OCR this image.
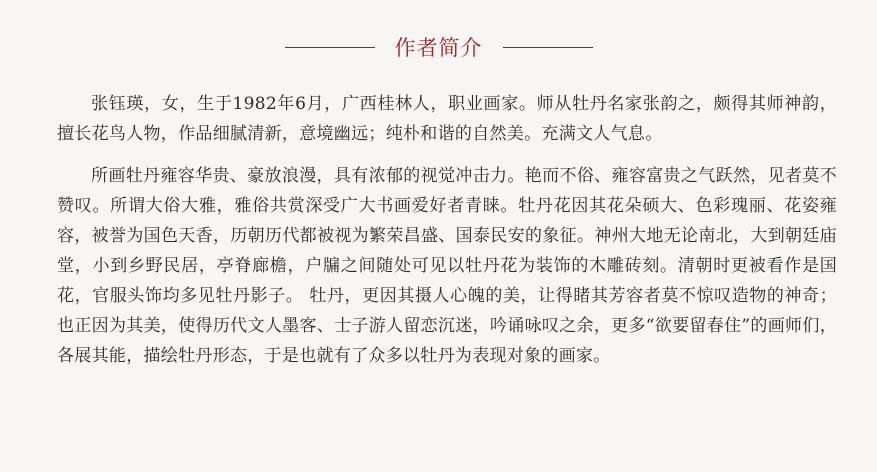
作者简介

张钰瑛，女，生于1982年6月，广西桂林人，职业画家。师从牡丹名家张韵之，颇得其师神韵，擅长花鸟人物，作品细腻清新，意境幽远；纯朴和谐的自然美。充满文人气息。

所画牡丹雍容华贵、豪放浪漫，具有浓郁的视觉冲击力。艳而不俗、雍容富贵之气跃然，见者莫不赞叹。所谓大俗大雅，雅俗共赏深受广大书画爱好者青睐。牡丹花因其花朵硕大、色彩瑰丽、花姿雍容，被誉为国色天香，历朝历代都被视为繁荣昌盛、国泰民安的象征。神州大地无论南北，大到朝廷庙堂，小到乡野民居，亭脊廊檐，户牖之间随处可见以牡丹花为装饰的木雕砖刻。清朝时更被看作是国花，官服头饰均多见牡丹影子。 牡丹，更因其摄人心魄的美，让得睹其芳容者莫不惊叹造物的神奇；也正因为其美，使得历代文人墨客、士子游人留恋沉迷，吟诵咏叹之余，更多“欲要留春住”的画师们，各展其能，描绘牡丹形态，于是也就有了众多以牡丹为表现对象的画家。
